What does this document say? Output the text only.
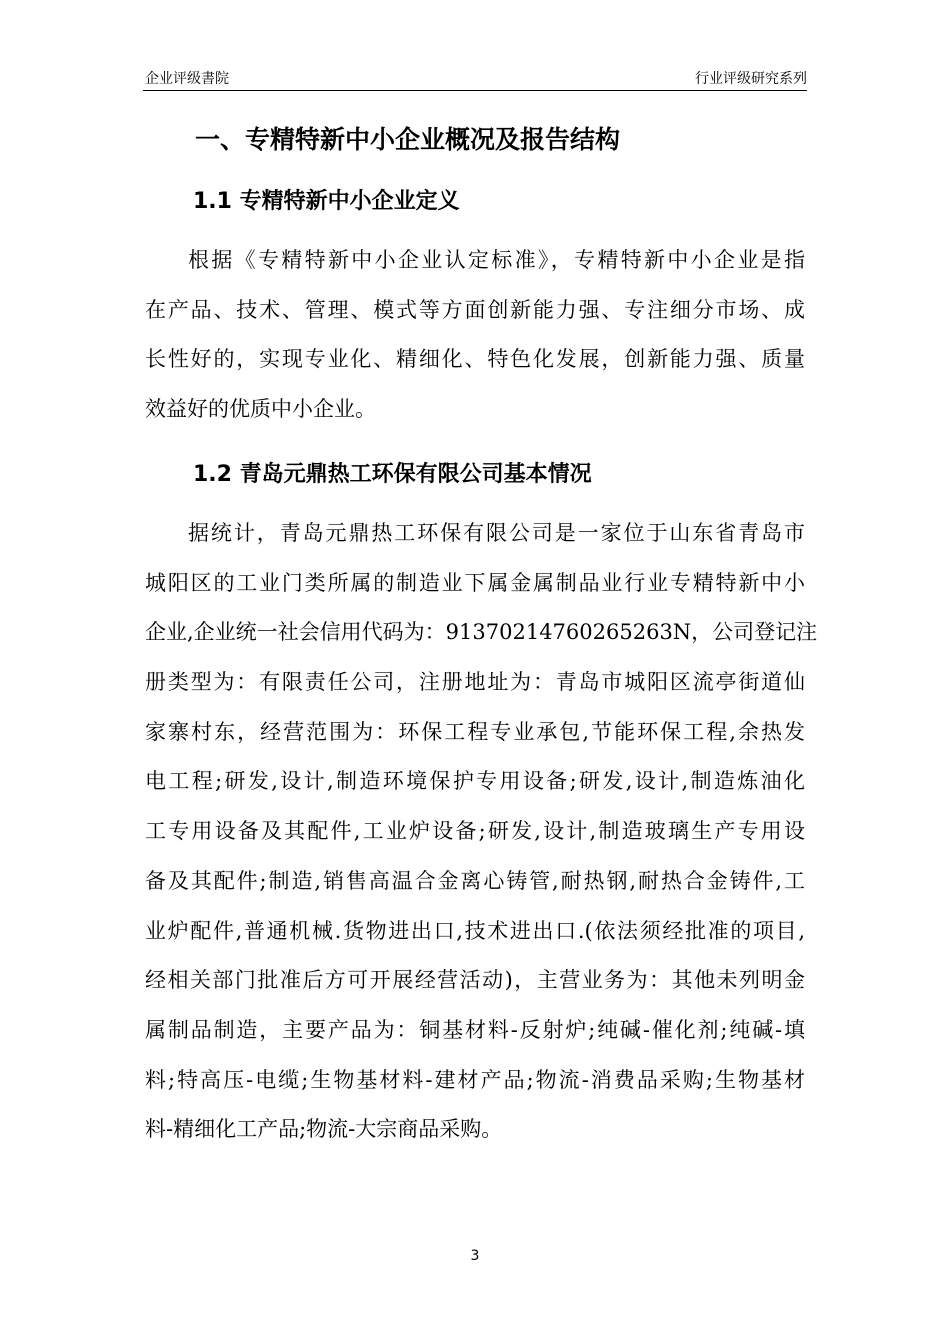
企业评级書院	行业评级研究系列
一、专精特新中小企业概况及报告结构
1.1 专精特新中小企业定义
根据《专精特新中小企业认定标准》，专精特新中小企业是指
在产品、技术、管理、模式等方面创新能力强、专注细分市场、成
长性好的，实现专业化、精细化、特色化发展，创新能力强、质量
效益好的优质中小企业。
1.2 青岛元鼎热工环保有限公司基本情况
据统计，青岛元鼎热工环保有限公司是一家位于山东省青岛市
城阳区的工业门类所属的制造业下属金属制品业行业专精特新中小
企业,企业统一社会信用代码为：91370214760265263N，公司登记注
册类型为：有限责任公司，注册地址为：青岛市城阳区流亭街道仙
家寨村东，经营范围为：环保工程专业承包,节能环保工程,余热发
电工程;研发,设计,制造环境保护专用设备;研发,设计,制造炼油化
工专用设备及其配件,工业炉设备;研发,设计,制造玻璃生产专用设
备及其配件;制造,销售高温合金离心铸管,耐热钢,耐热合金铸件,工
业炉配件,普通机械.货物进出口,技术进出口.(依法须经批准的项目,
经相关部门批准后方可开展经营活动)，主营业务为：其他未列明金
属制品制造，主要产品为：铜基材料-反射炉;纯碱-催化剂;纯碱-填
料;特高压-电缆;生物基材料-建材产品;物流-消费品采购;生物基材
料-精细化工产品;物流-大宗商品采购。
3
